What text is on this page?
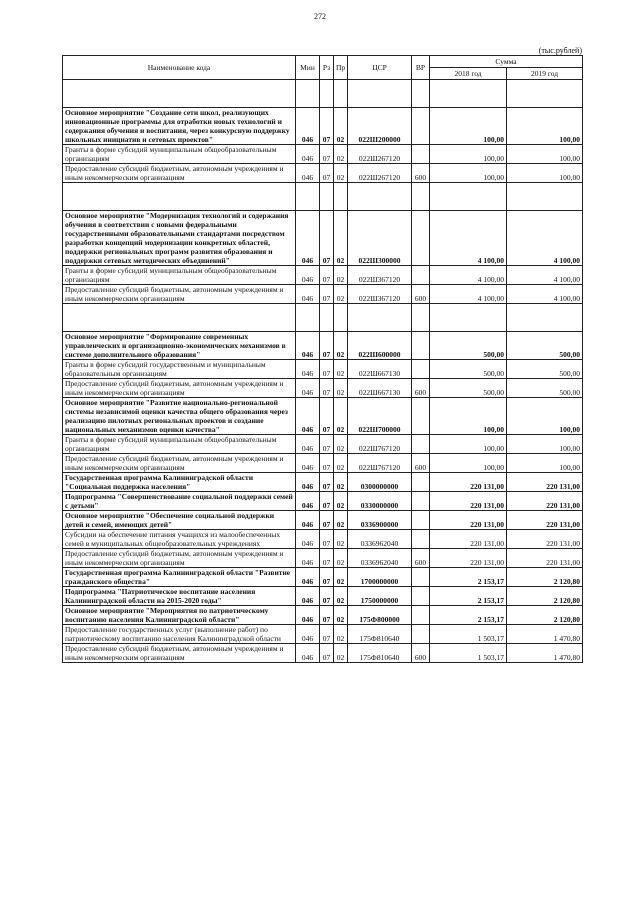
272
(тыс.рублей)
Наименование кода	Мин	Рз	Пр	ЦСР	ВР	Сумма	
						2018 год	2019 год

Основное мероприятие "Создание сети школ, реализующих инновационные программы для отработки новых технологий и содержания обучения и воспитания, через конкурсную поддержку школьных инициатив и сетевых проектов"	046	07	02	022Ш200000		100,00	100,00
Гранты в форме субсидий муниципальным общеобразовательным организациям	046	07	02	022Ш267120		100,00	100,00
Предоставление субсидий бюджетным, автономным учреждениям и иным некоммерческим организациям	046	07	02	022Ш267120	600	100,00	100,00

Основное мероприятие "Модернизация технологий и содержания обучения в соответствии с новыми федеральными государственными образовательными стандартами посредством разработки концепций модернизации конкретных областей, поддержки региональных программ развития образования и поддержки сетевых методических объединений"	046	07	02	022Ш300000		4 100,00	4 100,00
Гранты в форме субсидий муниципальным общеобразовательным организациям	046	07	02	022Ш367120		4 100,00	4 100,00
Предоставление субсидий бюджетным, автономным учреждениям и иным некоммерческим организациям	046	07	02	022Ш367120	600	4 100,00	4 100,00

Основное мероприятие "Формирование современных управленческих и организационно-экономических механизмов в системе дополнительного образования"	046	07	02	022Ш600000		500,00	500,00
Гранты в форме субсидий государственным и муниципальным образовательным организациям	046	07	02	022Ш667130		500,00	500,00
Предоставление субсидий бюджетным, автономным учреждениям и иным некоммерческим организациям	046	07	02	022Ш667130	600	500,00	500,00
Основное мероприятие "Развитие национально-региональной системы независимой оценки качества общего образования через реализацию пилотных региональных проектов и создание национальных механизмов оценки качества"	046	07	02	022Ш700000		100,00	100,00
Гранты в форме субсидий муниципальным общеобразовательным организациям	046	07	02	022Ш767120		100,00	100,00
Предоставление субсидий бюджетным, автономным учреждениям и иным некоммерческим организациям	046	07	02	022Ш767120	600	100,00	100,00
Государственная программа Калининградской области "Социальная поддержка населения"	046	07	02	0300000000		220 131,00	220 131,00
Подпрограмма "Совершенствование социальной поддержки семей с детьми"	046	07	02	0330000000		220 131,00	220 131,00
Основное мероприятие "Обеспечение социальной поддержки детей и семей, имеющих детей"	046	07	02	0336900000		220 131,00	220 131,00
Субсидии на обеспечение питания учащихся из малообеспеченных семей в муниципальных общеобразовательных учреждениях	046	07	02	0336962040		220 131,00	220 131,00
Предоставление субсидий бюджетным, автономным учреждениям и иным некоммерческим организациям	046	07	02	0336962040	600	220 131,00	220 131,00
Государственная программа Калининградской области "Развитие гражданского общества"	046	07	02	1700000000		2 153,17	2 120,80
Подпрограмма "Патриотическое воспитание населения Калининградской области на 2015-2020 годы"	046	07	02	1750000000		2 153,17	2 120,80
Основное мероприятие "Мероприятия по патриотическому воспитанию населения Калининградской области"	046	07	02	175Ф800000		2 153,17	2 120,80
Предоставление государственных услуг (выполнение работ) по патриотическому воспитанию населения Калининградской области	046	07	02	175Ф810640		1 503,17	1 470,80
Предоставление субсидий бюджетным, автономным учреждениям и иным некоммерческим организациям	046	07	02	175Ф810640	600	1 503,17	1 470,80
